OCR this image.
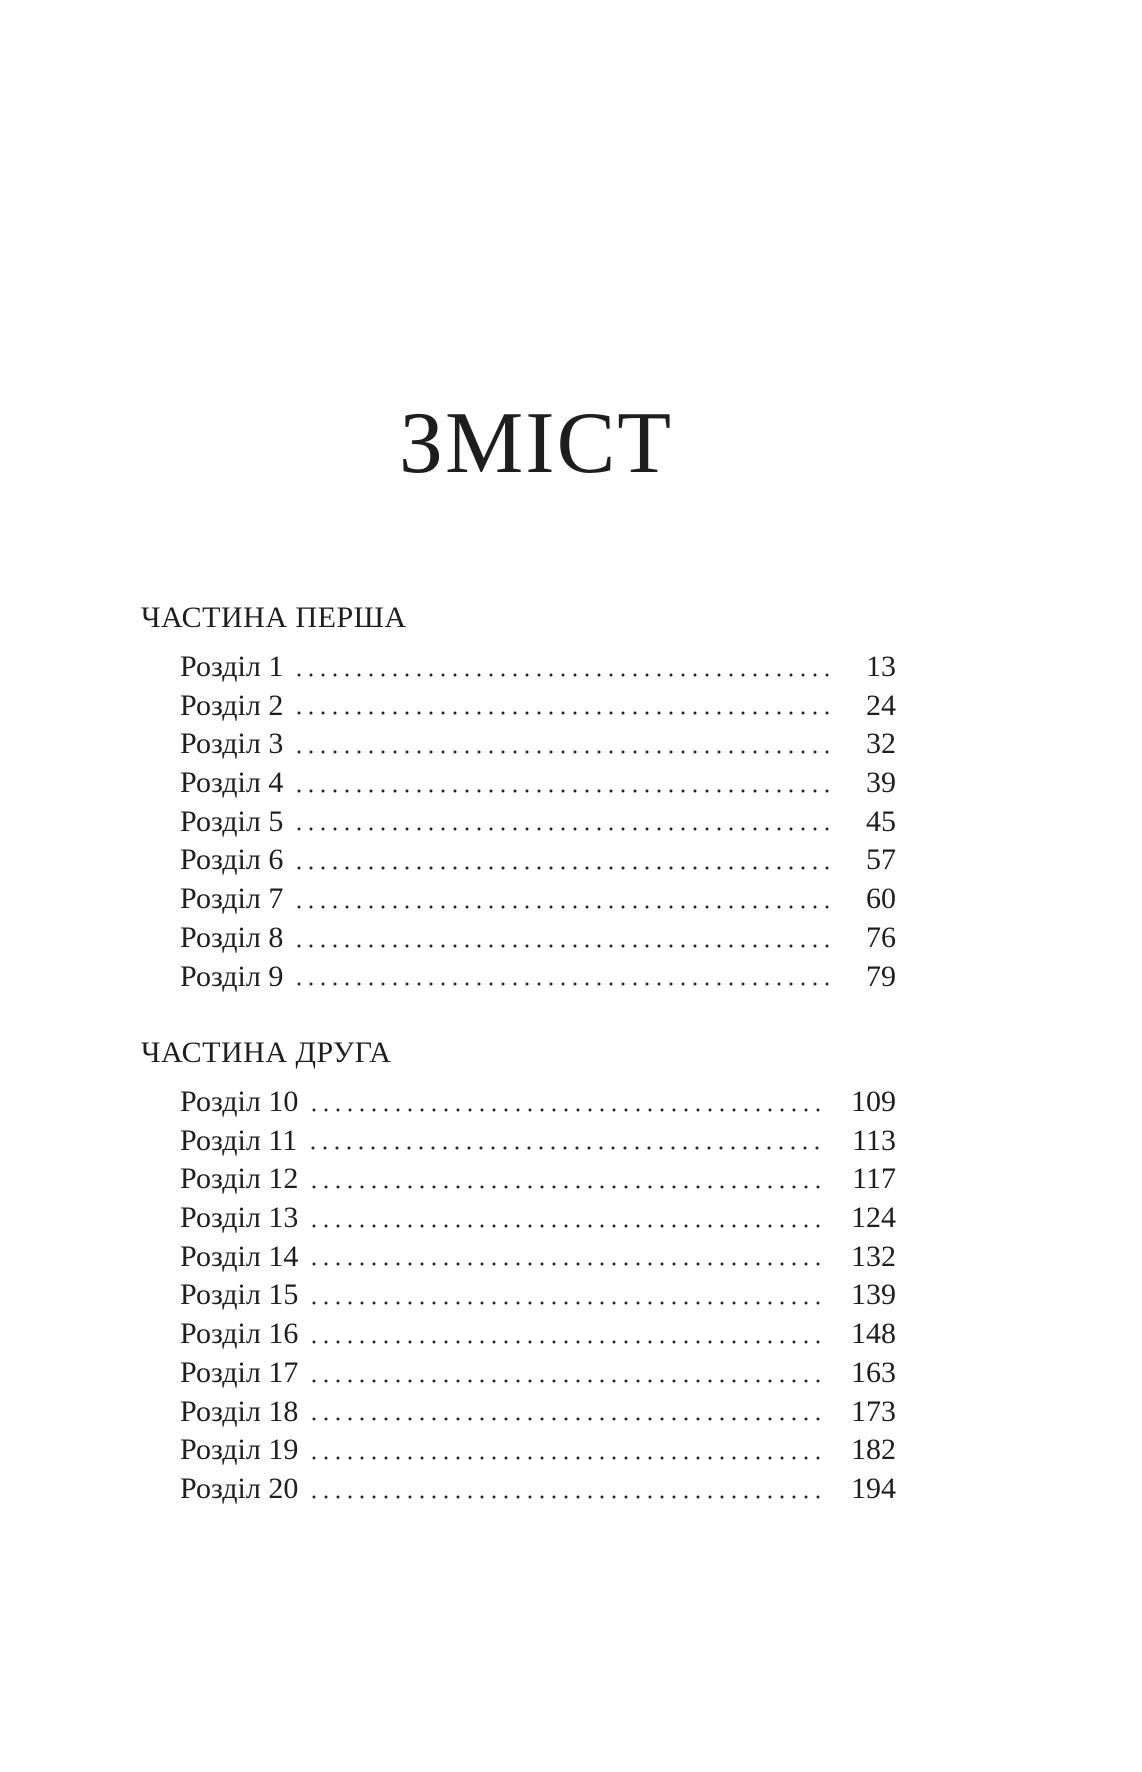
ЗМІСТ
ЧАСТИНА ПЕРША
Розділ 1	13
Розділ 2	24
Розділ 3	32
Розділ 4	39
Розділ 5	45
Розділ 6	57
Розділ 7	60
Розділ 8	76
Розділ 9	79
ЧАСТИНА ДРУГА
Розділ 10	109
Розділ 11	113
Розділ 12	117
Розділ 13	124
Розділ 14	132
Розділ 15	139
Розділ 16	148
Розділ 17	163
Розділ 18	173
Розділ 19	182
Розділ 20	194
